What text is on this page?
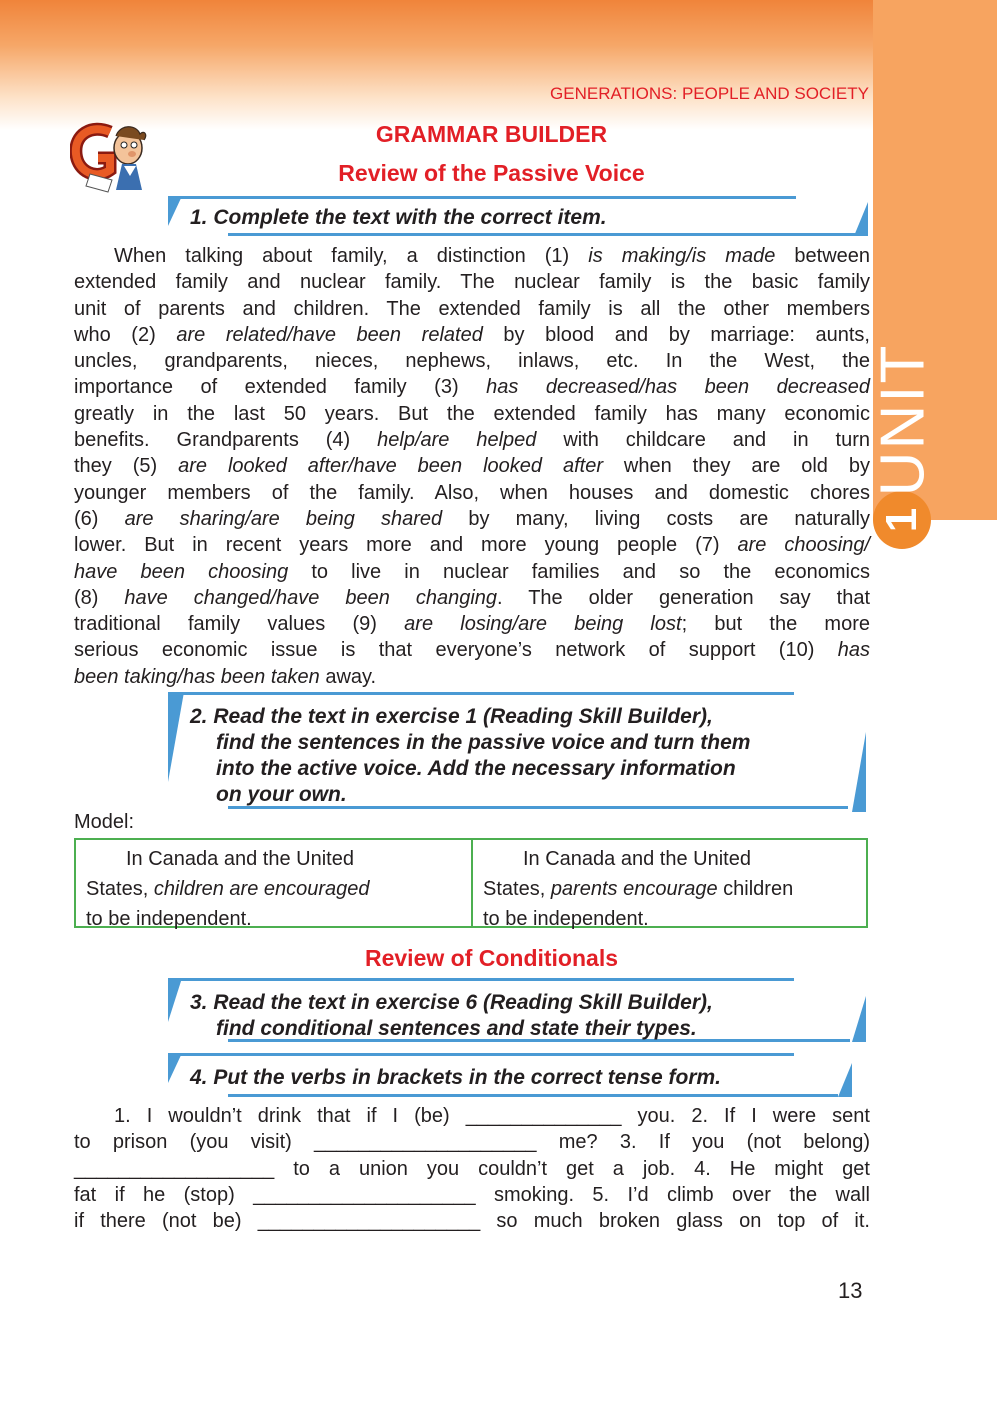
1
UNIT
GENERATIONS: PEOPLE AND SOCIETY
GRAMMAR BUILDER
Review of the Passive Voice
1. Complete the text with the correct item.
When talking about family, a distinction (1) is making/is made between
extended family and nuclear family. The nuclear family is the basic family
unit of parents and children. The extended family is all the other members
who (2) are related/have been related by blood and by marriage: aunts,
uncles, grandparents, nieces, nephews, inlaws, etc. In the West, the
importance of extended family (3) has decreased/has been decreased
greatly in the last 50 years. But the extended family has many economic
benefits. Grandparents (4) help/are helped with childcare and in turn
they (5) are looked after/have been looked after when they are old by
younger members of the family. Also, when houses and domestic chores
(6) are sharing/are being shared by many, living costs are naturally
lower. But in recent years more and more young people (7) are choosing/
have been choosing to live in nuclear families and so the economics
(8) have changed/have been changing. The older generation say that
traditional family values (9) are losing/are being lost; but the more
serious economic issue is that everyone’s network of support (10) has
been taking/has been taken away.
2. Read the text in exercise 1 (Reading Skill Builder),
find the sentences in the passive voice and turn them
into the active voice. Add the necessary information
on your own.
Model:
In Canada and the United
States, children are encouraged
to be independent.
In Canada and the United
States, parents encourage children
to be independent.
Review of Conditionals
3. Read the text in exercise 6 (Reading Skill Builder),
find conditional sentences and state their types.
4. Put the verbs in brackets in the correct tense form.
1. I wouldn’t drink that if I (be) ______________ you. 2. If I were sent
to prison (you visit) ____________________ me? 3. If you (not belong)
__________________ to a union you couldn’t get a job. 4. He might get
fat if he (stop) ____________________ smoking. 5. I’d climb over the wall
if there (not be) ____________________ so much broken glass on top of it.
13
